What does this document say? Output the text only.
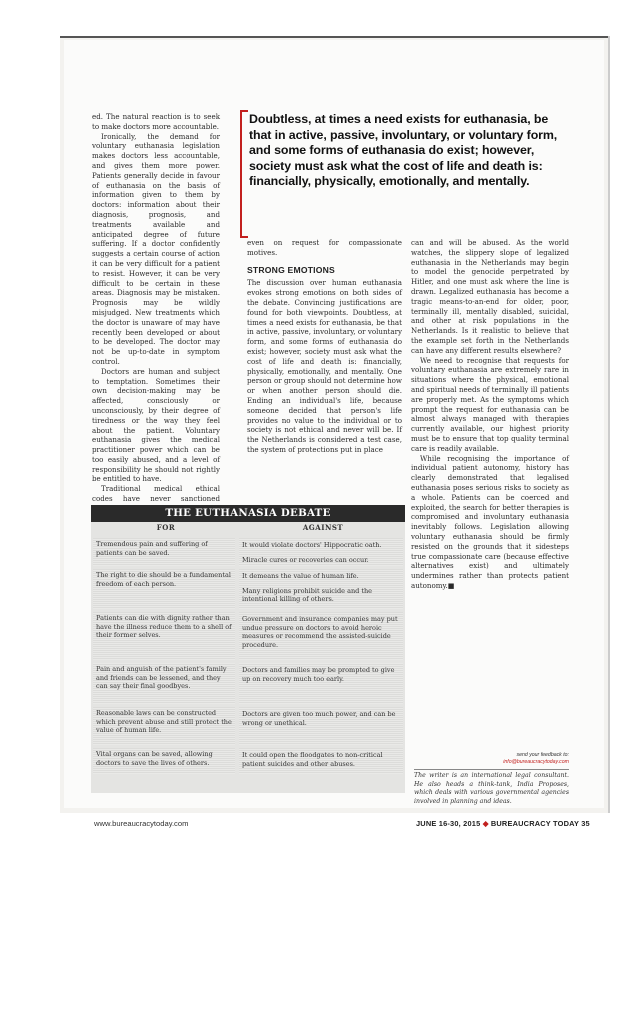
ed. The natural reaction is to seek to make doctors more accountable.

Ironically, the demand for voluntary euthanasia legislation makes doctors less accountable, and gives them more power. Patients generally decide in favour of euthanasia on the basis of information given to them by doctors: information about their diagnosis, prognosis, and treatments available and anticipated degree of future suffering. If a doctor confidently suggests a certain course of action it can be very difficult for a patient to resist. However, it can be very difficult to be certain in these areas. Diagnosis may be mistaken. Prognosis may be wildly misjudged. New treatments which the doctor is unaware of may have recently been developed or about to be developed. The doctor may not be up-to-date in symptom control.

Doctors are human and subject to temptation. Sometimes their own decision-making may be affected, consciously or unconsciously, by their degree of tiredness or the way they feel about the patient. Voluntary euthanasia gives the medical practitioner power which can be too easily abused, and a level of responsibility he should not rightly be entitled to have.

Traditional medical ethical codes have never sanctioned

Doubtless, at times a need exists for euthanasia, be that in active, passive, involuntary, or voluntary form, and some forms of euthanasia do exist; however, society must ask what the cost of life and death is: financially, physically, emotionally, and mentally.

even on request for compassionate motives.

STRONG EMOTIONS

The discussion over human euthanasia evokes strong emotions on both sides of the debate. Convincing justifications are found for both viewpoints. Doubtless, at times a need exists for euthanasia, be that in active, passive, involuntary, or voluntary form, and some forms of euthanasia do exist; however, society must ask what the cost of life and death is: financially, physically, emotionally, and mentally. One person or group should not determine how or when another person should die. Ending an individual's life, because someone decided that person's life provides no value to the individual or to society is not ethical and never will be. If the Netherlands is considered a test case, the system of protections put in place

can and will be abused. As the world watches, the slippery slope of legalized euthanasia in the Netherlands may begin to model the genocide perpetrated by Hitler, and one must ask where the line is drawn. Legalized euthanasia has become a tragic means-to-an-end for older, poor, terminally ill, mentally disabled, suicidal, and other at risk populations in the Netherlands. Is it realistic to believe that the example set forth in the Netherlands can have any different results elsewhere?

We need to recognise that requests for voluntary euthanasia are extremely rare in situations where the physical, emotional and spiritual needs of terminally ill patients are properly met. As the symptoms which prompt the request for euthanasia can be almost always managed with therapies currently available, our highest priority must be to ensure that top quality terminal care is readily available.

While recognising the importance of individual patient autonomy, history has clearly demonstrated that legalised euthanasia poses serious risks to society as a whole. Patients can be coerced and exploited, the search for better therapies is compromised and involuntary euthanasia inevitably follows. Legislation allowing voluntary euthanasia should be firmly resisted on the grounds that it sidesteps true compassionate care (because effective alternatives exist) and ultimately undermines rather than protects patient autonomy.■

THE EUTHANASIA DEBATE
FOR	AGAINST
Tremendous pain and suffering of patients can be saved.
It would violate doctors' Hippocratic oath.
Miracle cures or recoveries can occur.
The right to die should be a fundamental freedom of each person.
It demeans the value of human life.
Many religions prohibit suicide and the intentional killing of others.
Patients can die with dignity rather than have the illness reduce them to a shell of their former selves.
Government and insurance companies may put undue pressure on doctors to avoid heroic measures or recommend the assisted-suicide procedure.
Pain and anguish of the patient's family and friends can be lessened, and they can say their final goodbyes.
Doctors and families may be prompted to give up on recovery much too early.
Reasonable laws can be constructed which prevent abuse and still protect the value of human life.
Doctors are given too much power, and can be wrong or unethical.
Vital organs can be saved, allowing doctors to save the lives of others.
It could open the floodgates to non-critical patient suicides and other abuses.
send your feedback to:
info@bureaucracytoday.com
The writer is an international legal consultant. He also heads a think-tank, India Proposes, which deals with various governmental agencies involved in planning and ideas.
www.bureaucracytoday.com	JUNE 16-30, 2015 ◆ BUREAUCRACY TODAY 35
